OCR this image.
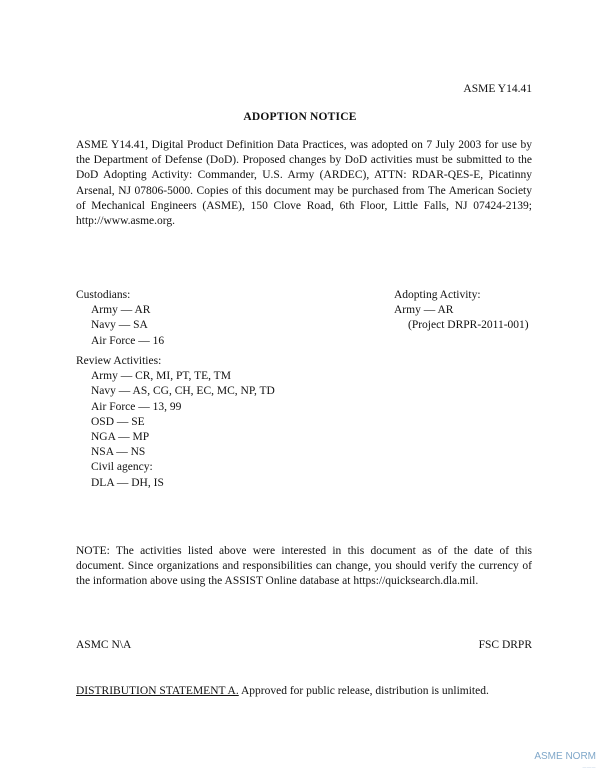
ASME Y14.41
ADOPTION NOTICE
ASME Y14.41, Digital Product Definition Data Practices, was adopted on 7 July 2003 for use by the Department of Defense (DoD). Proposed changes by DoD activities must be submitted to the DoD Adopting Activity: Commander, U.S. Army (ARDEC), ATTN: RDAR-QES-E, Picatinny Arsenal, NJ 07806-5000. Copies of this document may be purchased from The American Society of Mechanical Engineers (ASME), 150 Clove Road, 6th Floor, Little Falls, NJ 07424-2139; http://www.asme.org.
Custodians:
Army — AR
Navy — SA
Air Force — 16
Adopting Activity:
Army — AR
(Project DRPR-2011-001)
Review Activities:
Army — CR, MI, PT, TE, TM
Navy — AS, CG, CH, EC, MC, NP, TD
Air Force — 13, 99
OSD — SE
NGA — MP
NSA — NS
Civil agency:
DLA — DH, IS
NOTE: The activities listed above were interested in this document as of the date of this document. Since organizations and responsibilities can change, you should verify the currency of the information above using the ASSIST Online database at https://quicksearch.dla.mil.
ASMC N\A	FSC DRPR
DISTRIBUTION STATEMENT A. Approved for public release, distribution is unlimited.
ASME NORM
———
